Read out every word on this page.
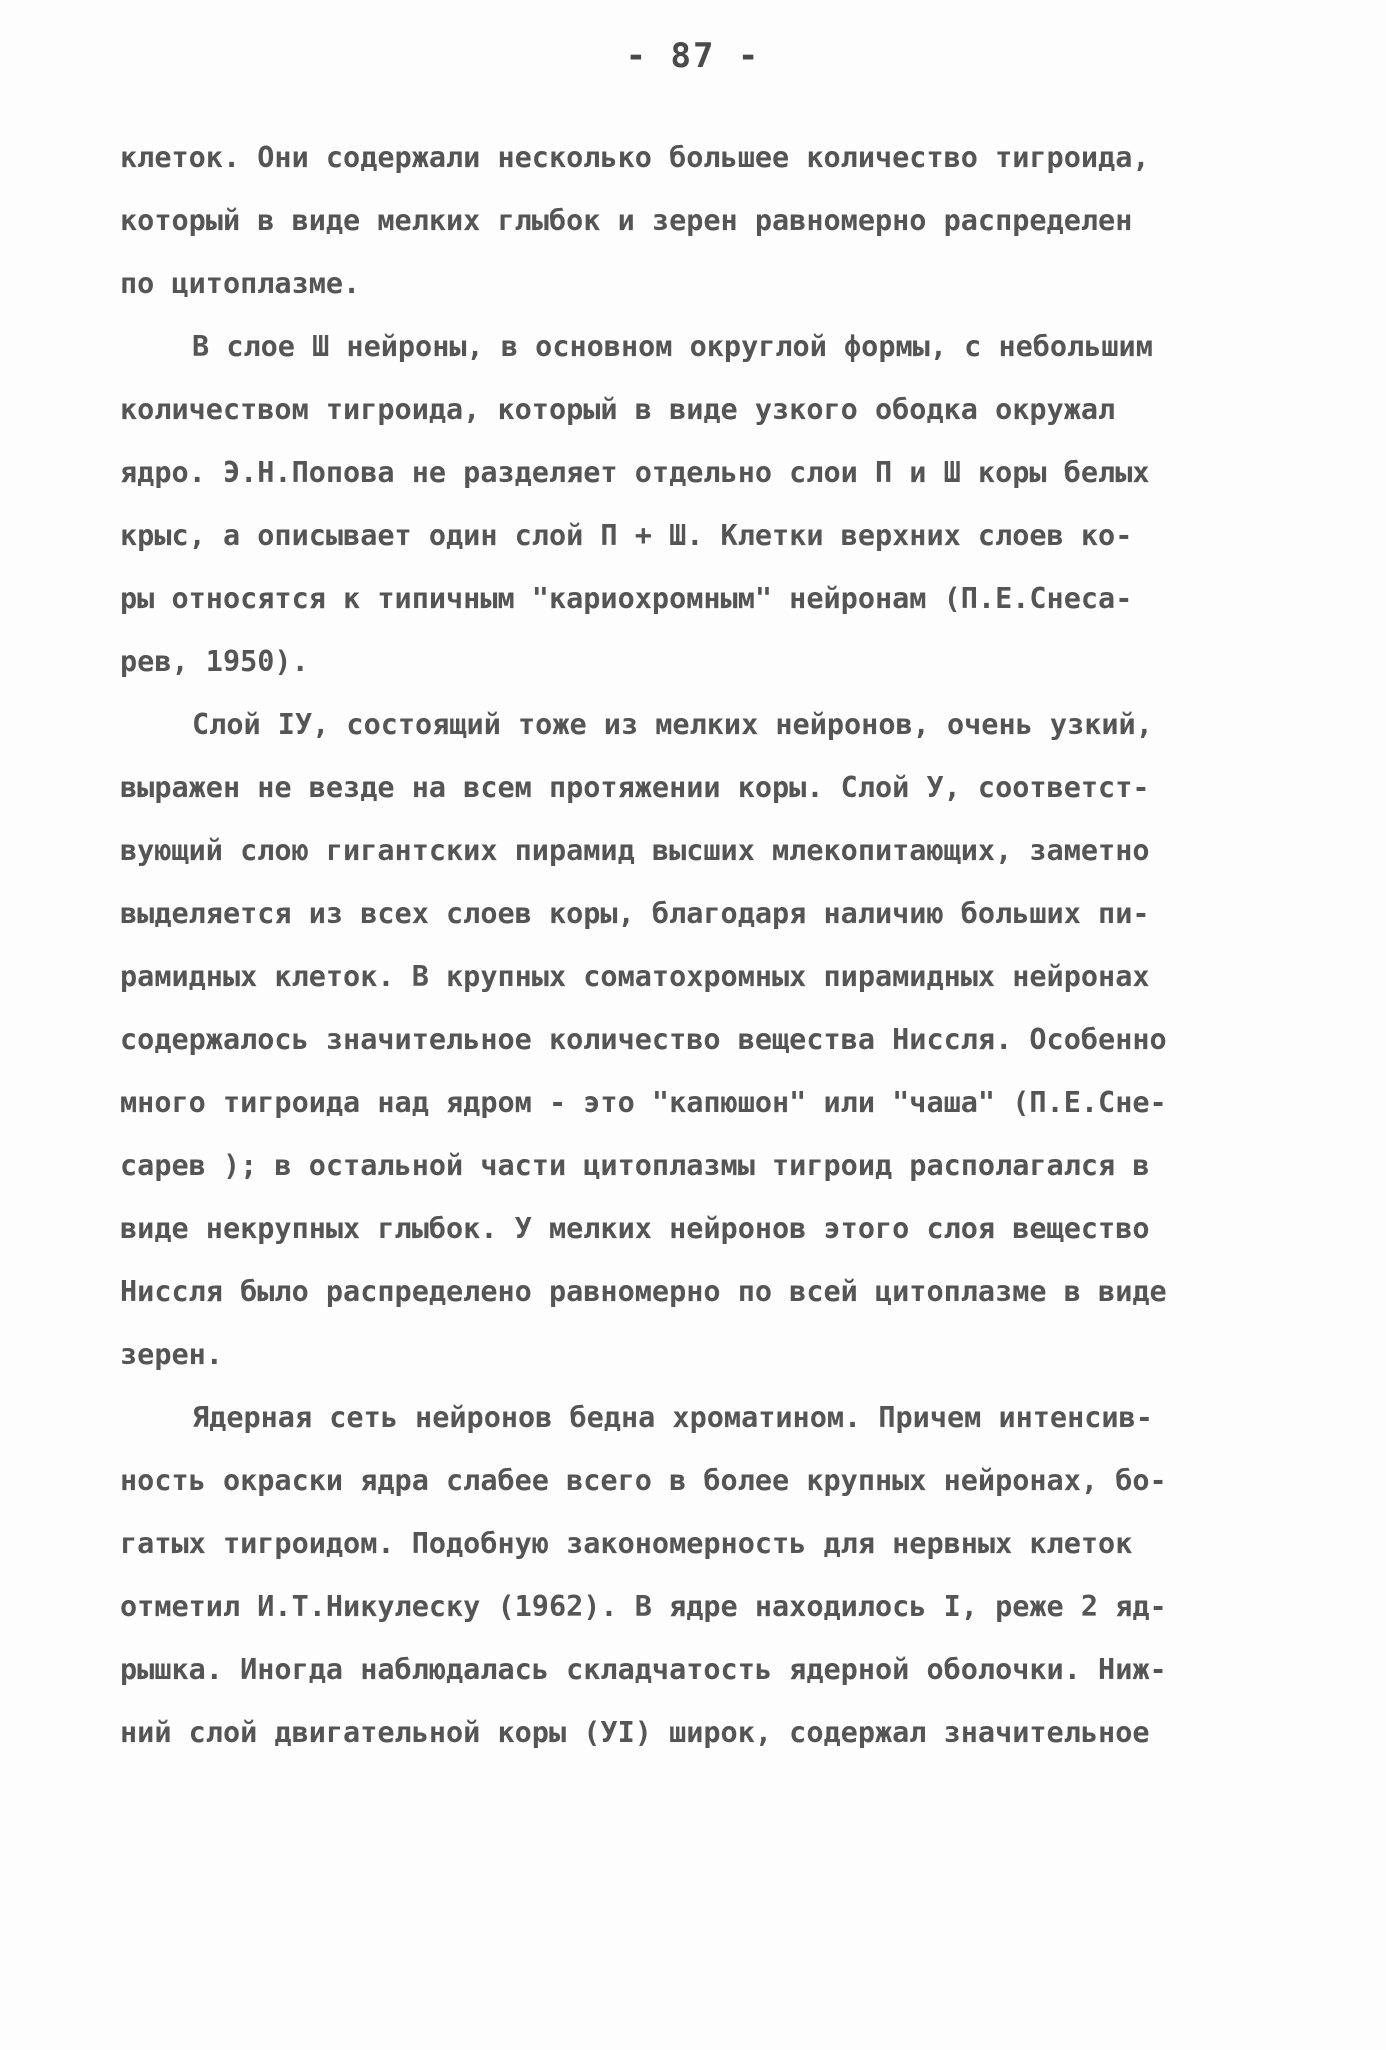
- 87 -
клеток. Они содержали несколько большее количество тигроида,
который в виде мелких глыбок и зерен равномерно распределен
по цитоплазме.
В слое Ш нейроны, в основном округлой формы, с небольшим
количеством тигроида, который в виде узкого ободка окружал
ядро. Э.Н.Попова не разделяет отдельно слои П и Ш коры белых
крыс, а описывает один слой П + Ш. Клетки верхних слоев ко-
ры относятся к типичным "кариохромным" нейронам (П.Е.Снеса-
рев, 1950).
Слой IУ, состоящий тоже из мелких нейронов, очень узкий,
выражен не везде на всем протяжении коры. Слой У, соответст-
вующий слою гигантских пирамид высших млекопитающих, заметно
выделяется из всех слоев коры, благодаря наличию больших пи-
рамидных клеток. В крупных соматохромных пирамидных нейронах
содержалось значительное количество вещества Ниссля. Особенно
много тигроида над ядром - это "капюшон" или "чаша" (П.Е.Сне-
сарев ); в остальной части цитоплазмы тигроид располагался в
виде некрупных глыбок. У мелких нейронов этого слоя вещество
Ниссля было распределено равномерно по всей цитоплазме в виде
зерен.
Ядерная сеть нейронов бедна хроматином. Причем интенсив-
ность окраски ядра слабее всего в более крупных нейронах, бо-
гатых тигроидом. Подобную закономерность для нервных клеток
отметил И.Т.Никулеску (1962). В ядре находилось I, реже 2 яд-
рышка. Иногда наблюдалась складчатость ядерной оболочки. Ниж-
ний слой двигательной коры (УI) широк, содержал значительное
